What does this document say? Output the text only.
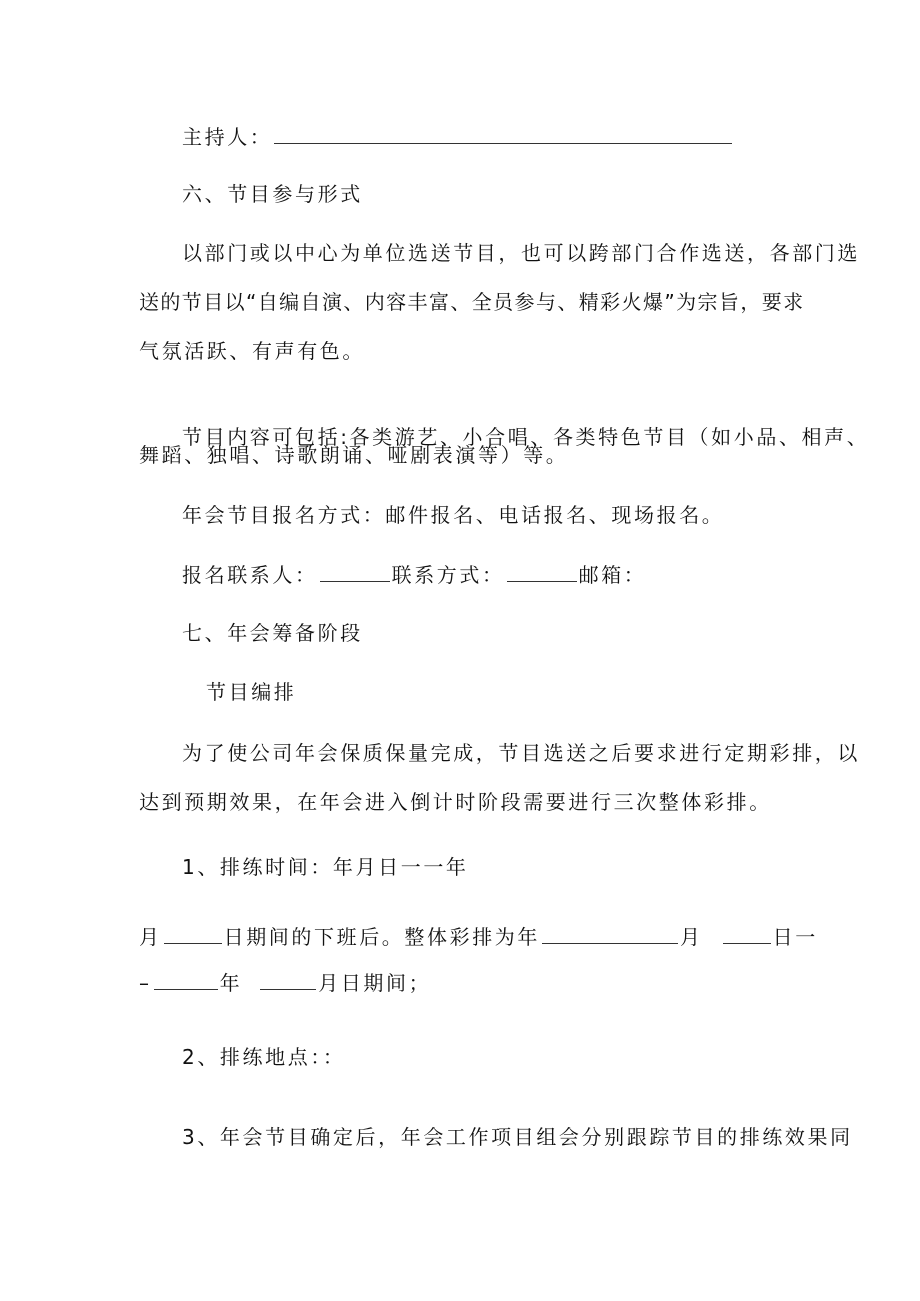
主持人：
六、节目参与形式
以部门或以中心为单位选送节目，也可以跨部门合作选送，各部门选
送的节目以“自编自演、内容丰富、全员参与、精彩火爆”为宗旨，要求
气氛活跃、有声有色。
节目内容可包括:各类游艺、小合唱、各类特色节目（如小品、相声、
舞蹈、独唱、诗歌朗诵、哑剧表演等）等。
年会节目报名方式：邮件报名、电话报名、现场报名。
报名联系人：	联系方式：	邮箱：
七、年会筹备阶段
节目编排
为了使公司年会保质保量完成，节目选送之后要求进行定期彩排，以
达到预期效果，在年会进入倒计时阶段需要进行三次整体彩排。
1、排练时间：年月日一一年
月	日期间的下班后。整体彩排为年	月	日一
–	年	月日期间；
2、排练地点：：
3、年会节目确定后，年会工作项目组会分别跟踪节目的排练效果同
